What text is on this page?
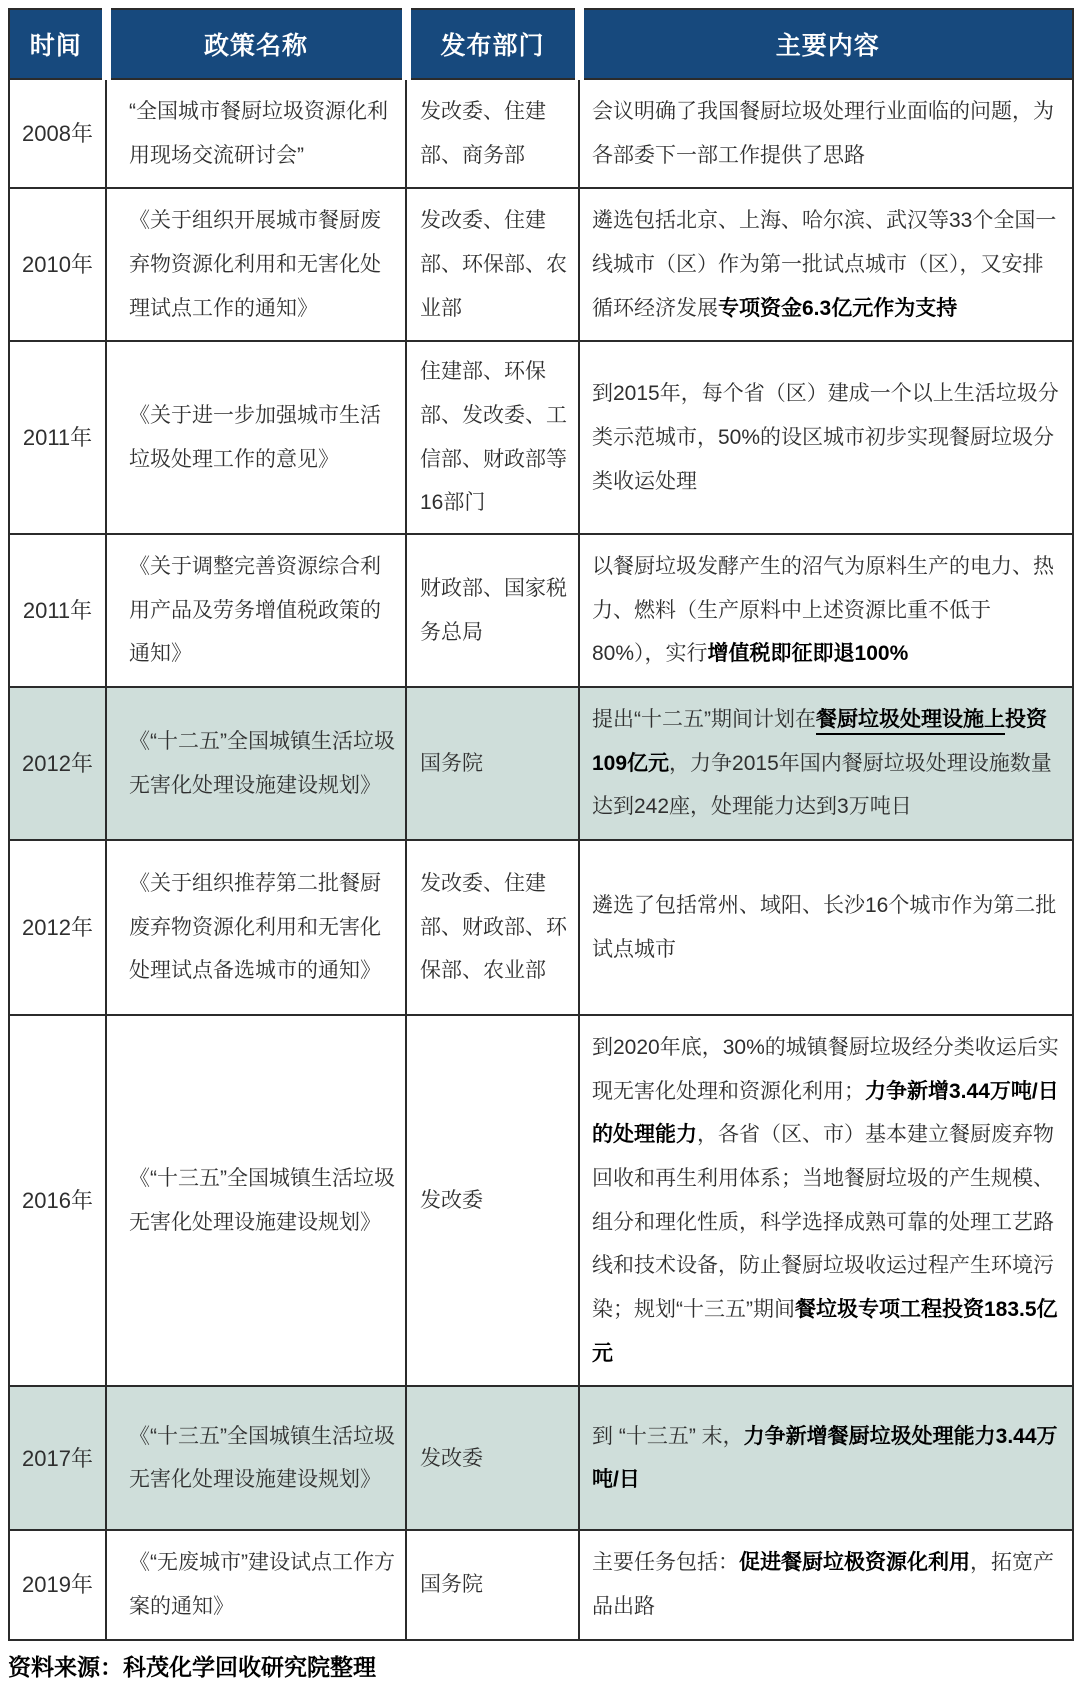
时间	政策名称	发布部门	主要内容
2008年	“全国城市餐厨垃圾资源化利用现场交流研讨会”	发改委、住建部、商务部	会议明确了我国餐厨垃圾处理行业面临的问题，为各部委下一部工作提供了思路
2010年	《关于组织开展城市餐厨废弃物资源化利用和无害化处理试点工作的通知》	发改委、住建部、环保部、农业部	遴选包括北京、上海、哈尔滨、武汉等33个全国一线城市（区）作为第一批试点城市（区），又安排循环经济发展专项资金6.3亿元作为支持
2011年	《关于进一步加强城市生活垃圾处理工作的意见》	住建部、环保部、发改委、工信部、财政部等16部门	到2015年，每个省（区）建成一个以上生活垃圾分类示范城市，50%的设区城市初步实现餐厨垃圾分类收运处理
2011年	《关于调整完善资源综合利用产品及劳务增值税政策的通知》	财政部、国家税务总局	以餐厨垃圾发酵产生的沼气为原料生产的电力、热力、燃料（生产原料中上述资源比重不低于80%），实行增值税即征即退100%
2012年	《“十二五”全国城镇生活垃圾无害化处理设施建设规划》	国务院	提出“十二五”期间计划在餐厨垃圾处理设施上投资109亿元，力争2015年国内餐厨垃圾处理设施数量达到242座，处理能力达到3万吨日
2012年	《关于组织推荐第二批餐厨废弃物资源化利用和无害化处理试点备选城市的通知》	发改委、住建部、财政部、环保部、农业部	遴选了包括常州、域阳、长沙16个城市作为第二批试点城市
2016年	《“十三五”全国城镇生活垃圾无害化处理设施建设规划》	发改委	到2020年底，30%的城镇餐厨垃圾经分类收运后实现无害化处理和资源化利用；力争新增3.44万吨/日的处理能力，各省（区、市）基本建立餐厨废弃物回收和再生利用体系；当地餐厨垃圾的产生规模、组分和理化性质，科学选择成熟可靠的处理工艺路线和技术设备，防止餐厨垃圾收运过程产生环境污染；规划“十三五”期间餐垃圾专项工程投资183.5亿元
2017年	《“十三五”全国城镇生活垃圾无害化处理设施建设规划》	发改委	到 “十三五” 末，力争新增餐厨垃圾处理能力3.44万吨/日
2019年	《“无废城市”建设试点工作方案的通知》	国务院	主要任务包括：促进餐厨垃极资源化利用，拓宽产品出路
资料来源：科茂化学回收研究院整理
